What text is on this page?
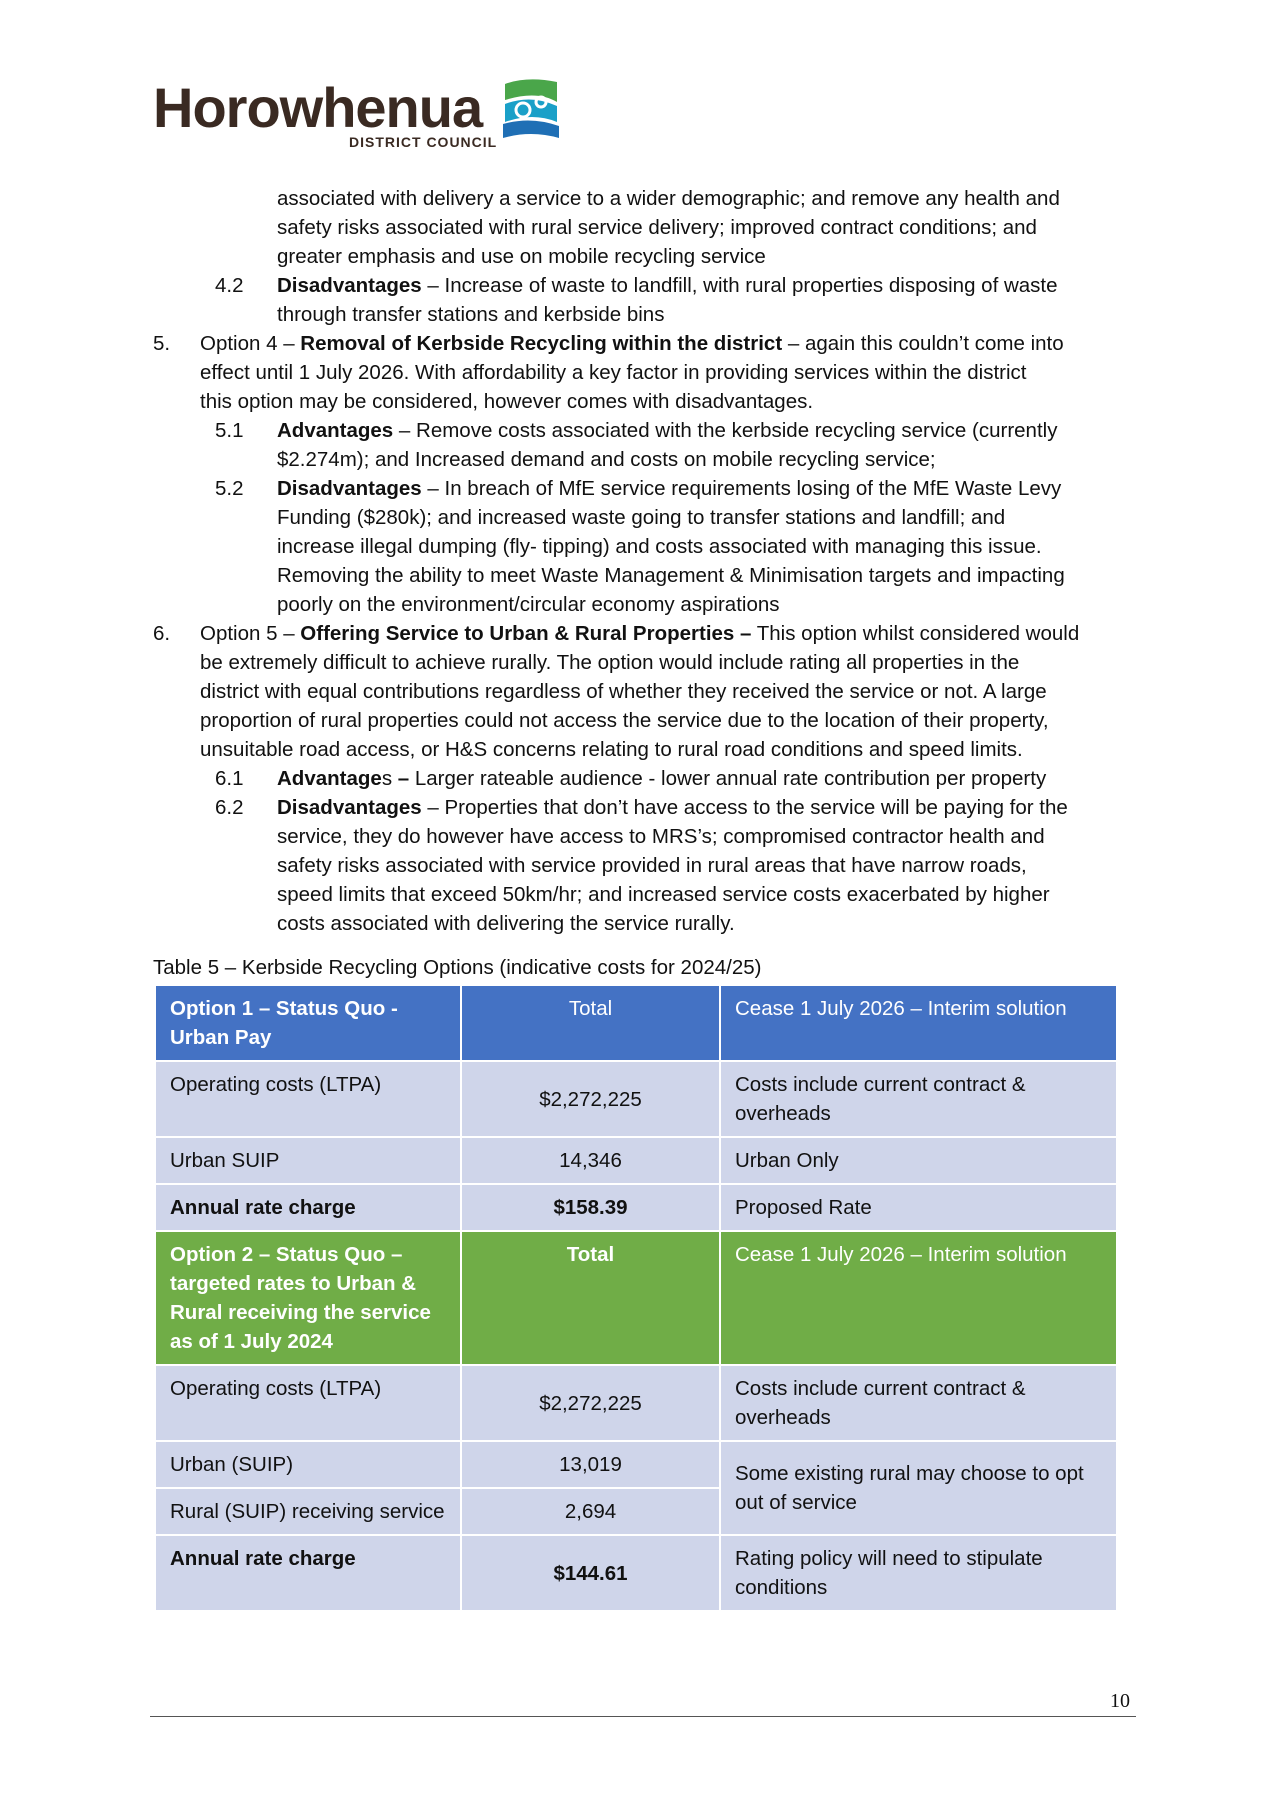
Horowhenua
DISTRICT COUNCIL
associated with delivery a service to a wider demographic; and remove any health and
safety risks associated with rural service delivery; improved contract conditions; and
greater emphasis and use on mobile recycling service
4.2 Disadvantages – Increase of waste to landfill, with rural properties disposing of waste
through transfer stations and kerbside bins
5. Option 4 – Removal of Kerbside Recycling within the district – again this couldn’t come into
effect until 1 July 2026. With affordability a key factor in providing services within the district
this option may be considered, however comes with disadvantages.
5.1 Advantages – Remove costs associated with the kerbside recycling service (currently
$2.274m); and Increased demand and costs on mobile recycling service;
5.2 Disadvantages – In breach of MfE service requirements losing of the MfE Waste Levy
Funding ($280k); and increased waste going to transfer stations and landfill; and
increase illegal dumping (fly- tipping) and costs associated with managing this issue.
Removing the ability to meet Waste Management & Minimisation targets and impacting
poorly on the environment/circular economy aspirations
6. Option 5 – Offering Service to Urban & Rural Properties – This option whilst considered would
be extremely difficult to achieve rurally. The option would include rating all properties in the
district with equal contributions regardless of whether they received the service or not. A large
proportion of rural properties could not access the service due to the location of their property,
unsuitable road access, or H&S concerns relating to rural road conditions and speed limits.
6.1 Advantages – Larger rateable audience - lower annual rate contribution per property
6.2 Disadvantages – Properties that don’t have access to the service will be paying for the
service, they do however have access to MRS’s; compromised contractor health and
safety risks associated with service provided in rural areas that have narrow roads,
speed limits that exceed 50km/hr; and increased service costs exacerbated by higher
costs associated with delivering the service rurally.
Table 5 – Kerbside Recycling Options (indicative costs for 2024/25)
Option 1 – Status Quo - Urban Pay	Total	Cease 1 July 2026 – Interim solution
Operating costs (LTPA)	$2,272,225	Costs include current contract & overheads
Urban SUIP	14,346	Urban Only
Annual rate charge	$158.39	Proposed Rate
Option 2 – Status Quo – targeted rates to Urban & Rural receiving the service as of 1 July 2024	Total	Cease 1 July 2026 – Interim solution
Operating costs (LTPA)	$2,272,225	Costs include current contract & overheads
Urban (SUIP)	13,019	Some existing rural may choose to opt out of service
Rural (SUIP) receiving service	2,694	
Annual rate charge	$144.61	Rating policy will need to stipulate conditions
10
